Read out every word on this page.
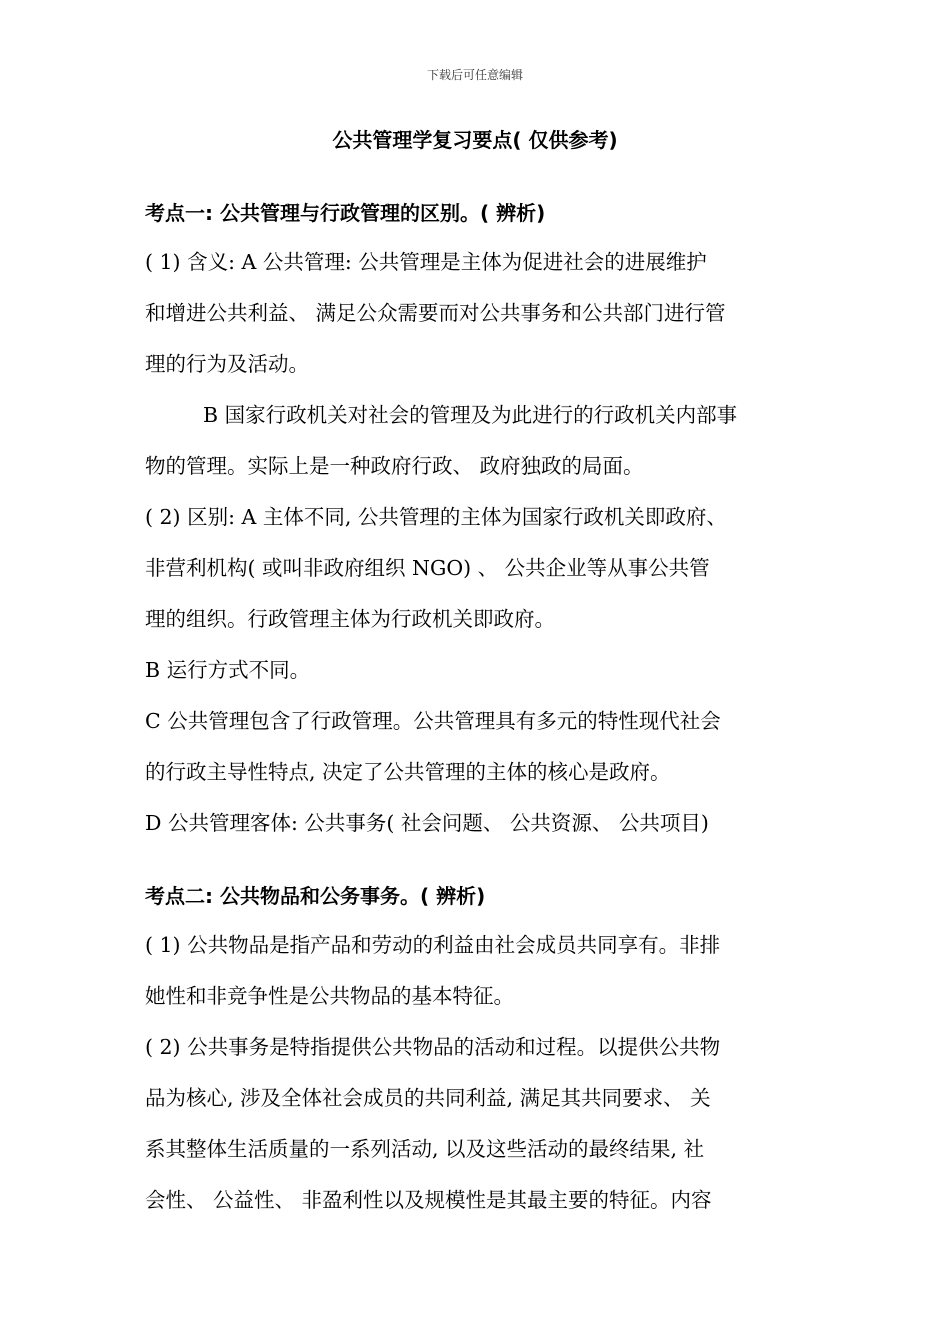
下载后可任意编辑
公共管理学复习要点( 仅供参考)
考点一: 公共管理与行政管理的区别。( 辨析)
( 1) 含义: A 公共管理: 公共管理是主体为促进社会的进展维护
和增进公共利益、 满足公众需要而对公共事务和公共部门进行管
理的行为及活动。
B 国家行政机关对社会的管理及为此进行的行政机关内部事
物的管理。实际上是一种政府行政、 政府独政的局面。
( 2) 区别: A 主体不同, 公共管理的主体为国家行政机关即政府、
非营利机构( 或叫非政府组织 NGO) 、 公共企业等从事公共管
理的组织。行政管理主体为行政机关即政府。
B 运行方式不同。
C 公共管理包含了行政管理。公共管理具有多元的特性现代社会
的行政主导性特点, 决定了公共管理的主体的核心是政府。
D 公共管理客体: 公共事务( 社会问题、 公共资源、 公共项目)
考点二: 公共物品和公务事务。( 辨析)
( 1) 公共物品是指产品和劳动的利益由社会成员共同享有。非排
她性和非竞争性是公共物品的基本特征。
( 2) 公共事务是特指提供公共物品的活动和过程。以提供公共物
品为核心, 涉及全体社会成员的共同利益, 满足其共同要求、 关
系其整体生活质量的一系列活动, 以及这些活动的最终结果, 社
会性、 公益性、 非盈利性以及规模性是其最主要的特征。内容
